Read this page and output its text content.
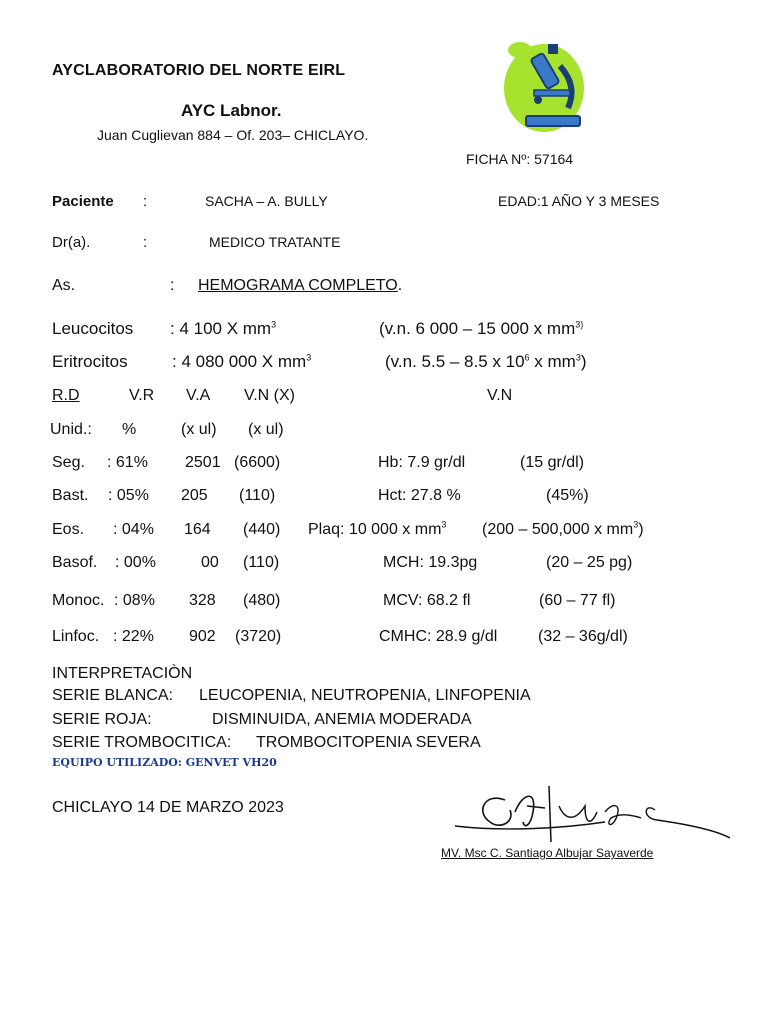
AYCLABORATORIO DEL NORTE EIRL
AYC Labnor.
Juan Cuglievan 884 – Of. 203– CHICLAYO.
FICHA Nº: 57164
Paciente :	SACHA – A. BULLY	EDAD:1 AÑO Y 3 MESES
Dr(a).	:	MEDICO TRATANTE
As.	: HEMOGRAMA COMPLETO.
Leucocitos : 4 100 X $mm^3$	(v.n. 6 000 – 15 000 x $mm^{3)}$
Eritrocitos	: 4 080 000 X $mm^3$	(v.n. 5.5 – 8.5 x $10^6$ x $mm^3$)
R.D	V.R V.A V.N (X)	V.N
Unid.: %	(x ul) (x ul)
Seg. : 61% 2501 (6600)	Hb: 7.9 gr/dl	(15 gr/dl)
Bast. : 05% 205 (110)	Hct: 27.8 %	(45%)
Eos. : 04% 164 (440) Plaq: 10 000 x $mm^3$ (200 – 500,000 x $mm^3$)
Basof. : 00%	00 (110)	MCH: 19.3pg	(20 – 25 pg)
Monoc. : 08% 328 (480)	MCV: 68.2 fl	(60 – 77 fl)
Linfoc. : 22% 902 (3720)	CMHC: 28.9 g/dl	(32 – 36g/dl)
INTERPRETACIÒN
SERIE BLANCA: LEUCOPENIA, NEUTROPENIA, LINFOPENIA
SERIE ROJA:	DISMINUIDA, ANEMIA MODERADA
SERIE TROMBOCITICA: TROMBOCITOPENIA SEVERA
EQUIPO UTILIZADO: GENVET VH20
CHICLAYO 14 DE MARZO 2023
MV. Msc C. Santiago Albujar Sayaverde
